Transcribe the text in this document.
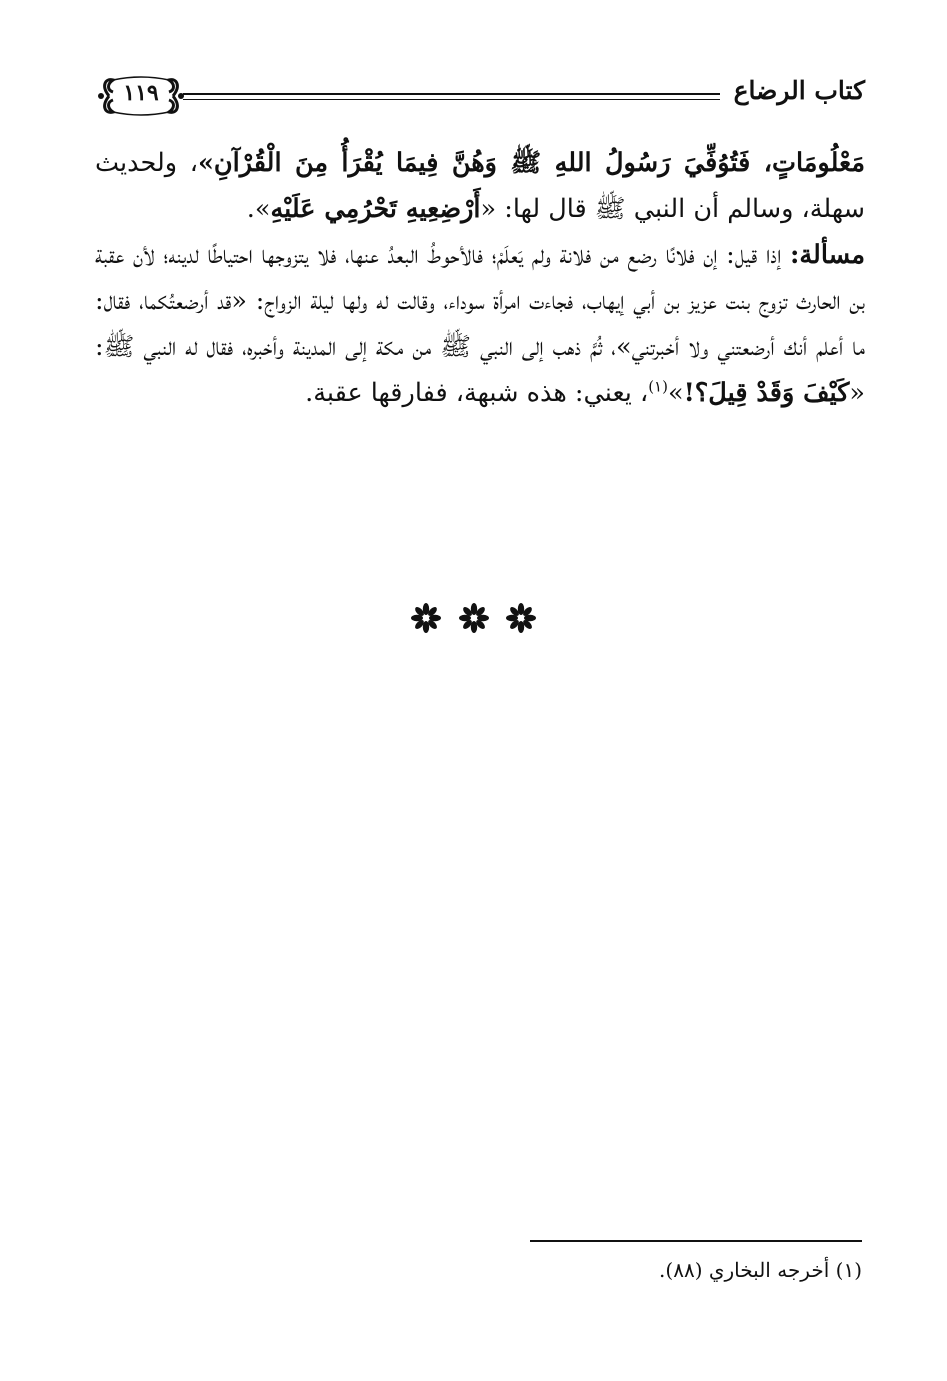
كتاب الرضاع
١١٩

مَعْلُومَاتٍ، فَتُوُفِّيَ رَسُولُ اللهِ ﷺ وَهُنَّ فِيمَا يُقْرَأُ مِنَ الْقُرْآنِ»، ولحديث سهلة، وسالم أن النبي ﷺ قال لها: «أَرْضِعِيهِ تَحْرُمِي عَلَيْهِ».

مسألة: إذا قيل: إن فلانًا رضع من فلانة ولم يَعلَمْ؛ فالأحوطُ البعدُ عنها، فلا يتزوجها احتياطًا لدينه؛ لأن عقبة بن الحارث تزوج بنت عزيز بن أبي إيهاب، فجاءت امرأة سوداء، وقالت له ولها ليلة الزواج: «قد أرضعتُكما، فقال: ما أعلم أنك أرضعتني ولا أخبرتني»، ثُمَّ ذهب إلى النبي ﷺ من مكة إلى المدينة وأخبره، فقال له النبي ﷺ: «كَيْفَ وَقَدْ قِيلَ؟!»$^{(١)}$، يعني: هذه شبهة، ففارقها عقبة.

(١) أخرجه البخاري (٨٨).
